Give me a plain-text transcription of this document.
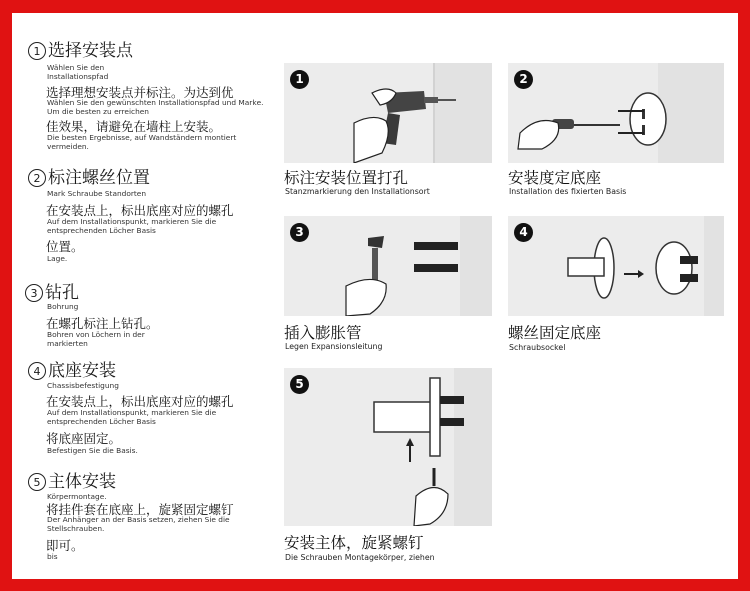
1 选择安装点
Wählen Sie den Installationspfad
选择理想安装点并标注。为达到优
Wählen Sie den gewünschten Installationspfad und Markе. Um die besten zu erreichen
佳效果，请避免在墙柱上安装。
Die besten Ergebnisse, auf Wandständern montiert vermeiden.
2 标注螺丝位置
Mark Schraube Standorten
在安装点上，标出底座对应的螺孔
Auf dem Installationspunkt, markieren Sie die entsprechenden Löcher Basis
位置。
Lage.
3 钻孔
Bohrung
在螺孔标注上钻孔。
Bohren von Löchern in der markierten
4 底座安装
Chassisbefestigung
在安装点上，标出底座对应的螺孔
Auf dem Installationspunkt, markieren Sie die entsprechenden Löcher Basis
将底座固定。
Befestigen Sie die Basis.
5 主体安装
Körpermontage.
将挂件套在底座上，旋紧固定螺钉
Der Anhänger an der Basis setzen, ziehen Sie die Stellschrauben.
即可。
bis
1
标注安装位置打孔
Stanzmarkierung den Installationsort
2
安装度定底座
Installation des fixierten Basis
3
插入膨胀管
Legen Expansionsleitung
4
螺丝固定底座
Schraubsockel
5
安装主体，旋紧螺钉
Die Schrauben Montagekörper, ziehen
